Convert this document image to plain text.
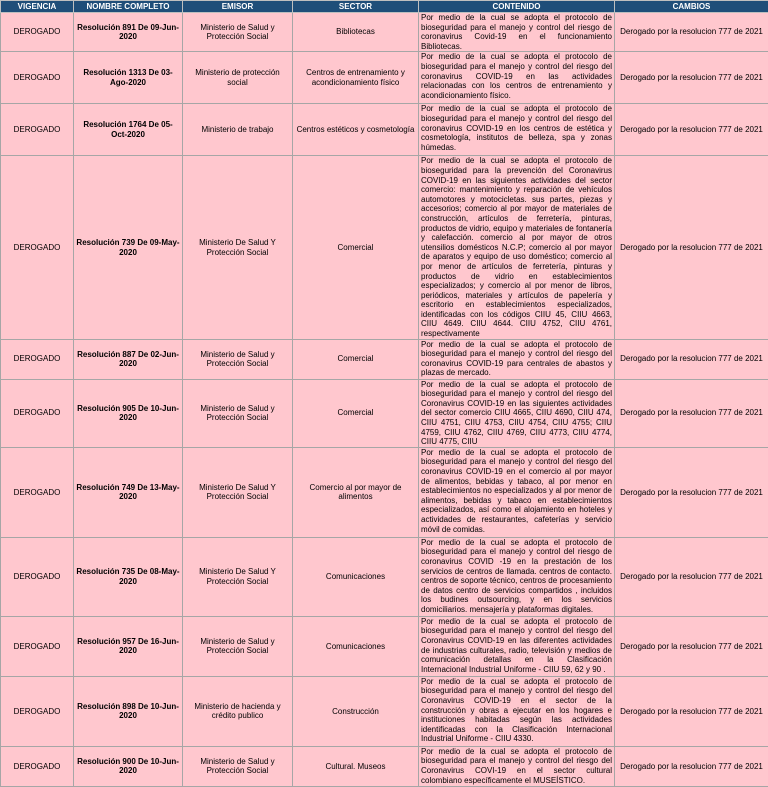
VIGENCIA	NOMBRE COMPLETO	EMISOR	SECTOR	CONTENIDO	CAMBIOS
DEROGADO	Resolución 891 De 09-Jun-2020	Ministerio de Salud y Protección Social	Bibliotecas	Por medio de la cual se adopta el protocolo de bioseguridad para el manejo y control del riesgo de coronavirus Covid-19 en el funcionamiento Bibliotecas.	Derogado por la resolucion 777 de 2021
DEROGADO	Resolución 1313 De 03-Ago-2020	Ministerio de protección social	Centros de entrenamiento y acondicionamiento físico	Por medio de la cual se adopta el protocolo de bioseguridad para el manejo y control del riesgo del coronavirus COVID-19 en las actividades relacionadas con los centros de entrenamiento y acondicionamiento físico.	Derogado por la resolucion 777 de 2021
DEROGADO	Resolución 1764 De 05-Oct-2020	Ministerio de trabajo	Centros estéticos y cosmetología	Por medio de la cual se adopta el protocolo de bioseguridad para el manejo y control del riesgo del coronavirus COVID-19 en los centros de estética y cosmetología, institutos de belleza, spa y zonas húmedas.	Derogado por la resolucion 777 de 2021
DEROGADO	Resolución 739 De 09-May-2020	Ministerio De Salud Y Protección Social	Comercial	Por medio de la cual se adopta el protocolo de bioseguridad para la prevención del Coronavirus COVID-19 en las siguientes actividades del sector comercio: mantenimiento y reparación de vehículos automotores y motocicletas. sus partes, piezas y accesorios; comercio al por mayor de materiales de construcción, artículos de ferretería, pinturas, productos de vidrio, equipo y materiales de fontanería y calefacción. comercio al por mayor de otros utensilios domésticos N.C.P; comercio al por mayor de aparatos y equipo de uso doméstico; comercio al por menor de artículos de ferretería, pinturas y productos de vidrio en establecimientos especializados; y comercio al por menor de libros, periódicos, materiales y artículos de papelería y escritorio en establecimientos especializados, identificadas con los códigos CIIU 45, CIIU 4663, CIIU 4649. CIIU 4644. CIIU 4752, CIIU 4761, respectivamente	Derogado por la resolucion 777 de 2021
DEROGADO	Resolución 887 De 02-Jun-2020	Ministerio de Salud y Protección Social	Comercial	Por medio de la cual se adopta el protocolo de bioseguridad para el manejo y control del riesgo del coronavirus COVID-19 para centrales de abastos y plazas de mercado.	Derogado por la resolucion 777 de 2021
DEROGADO	Resolución 905 De 10-Jun-2020	Ministerio de Salud y Protección Social	Comercial	Por medio de la cual se adopta el protocolo de bioseguridad para el manejo y control del riesgo del Coronavirus COVID-19 en las siguientes actividades del sector comercio CIIU 4665, CIIU 4690, CIIU 474, CIIU 4751, CIIU 4753, CIIU 4754, CIIU 4755; CIIU 4759, CIIU 4762, CIIU 4769, CIIU 4773, CIIU 4774, CIIU 4775, CIIU	Derogado por la resolucion 777 de 2021
DEROGADO	Resolución 749 De 13-May-2020	Ministerio De Salud Y Protección Social	Comercio al por mayor de alimentos	Por medio de la cual se adopta el protocolo de bioseguridad para el manejo y control del riesgo del coronavirus COVID-19 en el comercio al por mayor de alimentos, bebidas y tabaco, al por menor en establecimientos no especializados y al por menor de alimentos, bebidas y tabaco en establecimientos especializados, así como el alojamiento en hoteles y actividades de restaurantes, cafeterías y servicio móvil de comidas.	Derogado por la resolucion 777 de 2021
DEROGADO	Resolución 735 De 08-May-2020	Ministerio De Salud Y Protección Social	Comunicaciones	Por medio de la cual se adopta el protocolo de bioseguridad para el manejo y control del riesgo de coronavirus COVID -19 en la prestación de los servicios de centros de llamada. centros de contacto. centros de soporte técnico, centros de procesamiento de datos centro de servicios compartidos , incluidos los budines outsourcing, y en los servicios domiciliarios. mensajería y plataformas digitales.	Derogado por la resolucion 777 de 2021
DEROGADO	Resolución 957 De 16-Jun-2020	Ministerio de Salud y Protección Social	Comunicaciones	Por medio de la cual se adopta el protocolo de bioseguridad para el manejo y control del riesgo del Coronavirus COVID-19 en las diferentes actividades de industrias culturales, radio, televisión y medios de comunicación detallas en la Clasificación Internacional Industrial Uniforme - CIIU 59, 62 y 90 .	Derogado por la resolucion 777 de 2021
DEROGADO	Resolución 898 De 10-Jun-2020	Ministerio de hacienda y crédito publico	Construcción	Por medio de la cual se adopta el protocolo de bioseguridad para el manejo y control del riesgo del Coronavirus COVID-19 en el sector de la construcción y obras a ejecutar en los hogares e instituciones habitadas según las actividades identificadas con la Clasificación Internacional Industrial Uniforme - CIIU 4330.	Derogado por la resolucion 777 de 2021
DEROGADO	Resolución 900 De 10-Jun-2020	Ministerio de Salud y Protección Social	Cultural. Museos	Por medio de la cual se adopta el protocolo de bioseguridad para el manejo y control del riesgo del Coronavirus COVI-19 en el sector cultural colombiano específicamente el MUSEÍSTICO.	Derogado por la resolucion 777 de 2021
